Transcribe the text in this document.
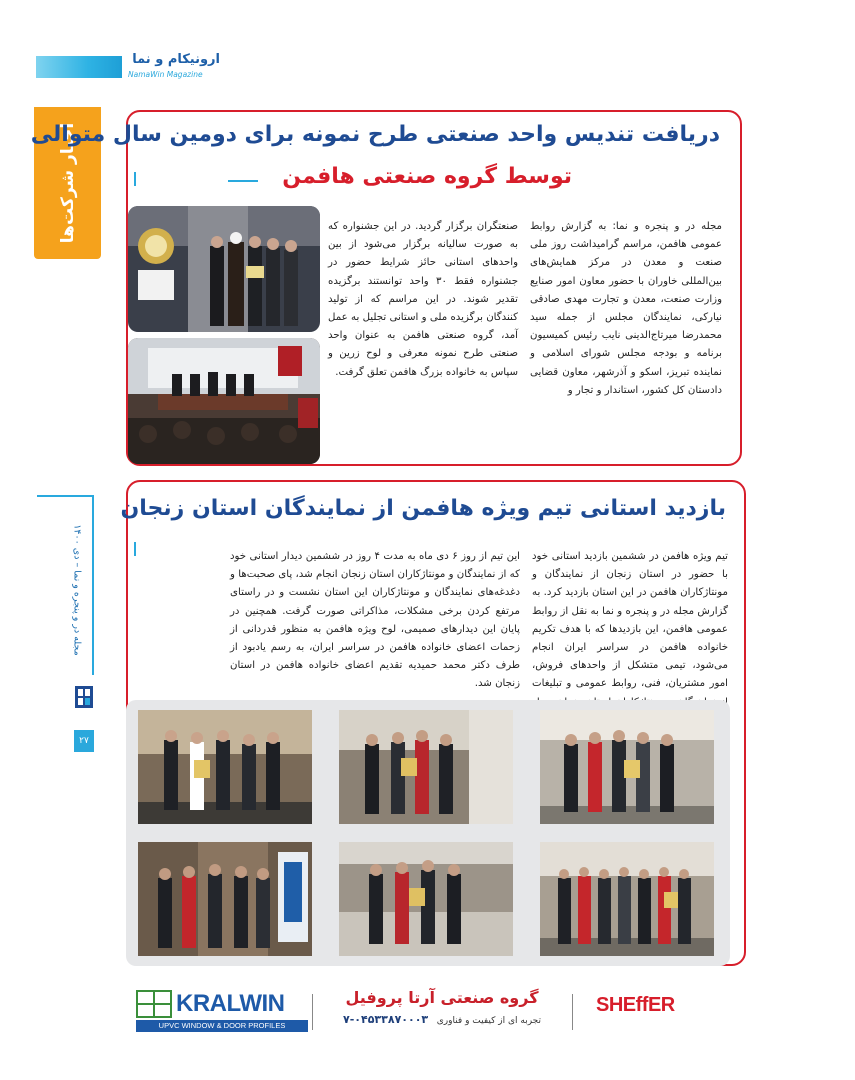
ارونیکام و نما
NamaWin Magazine
اخبار شرکت‌ها
مجله در و پنجره و نما – دی ۱۴۰۰
۲۷
دریافت تندیس واحد صنعتی طرح نمونه برای دومین سال متوالی
توسط گروه صنعتی هافمن
مجله در و پنجره و نما: به گزارش روابط عمومی هافمن، مراسم گرامیداشت روز ملی صنعت و معدن در مرکز همایش‌های بین‌المللی خاوران با حضور معاون امور صنایع وزارت صنعت، معدن و تجارت مهدی صادقی نیارکی، نمایندگان مجلس از جمله سید محمدرضا میرتاج‌الدینی نایب رئیس کمیسیون برنامه و بودجه مجلس شورای اسلامی و نماینده تبریز، اسکو و آذرشهر، معاون قضایی دادستان کل کشور، استاندار و تجار و
صنعتگران برگزار گردید. در این جشنواره که به صورت سالیانه برگزار می‌شود از بین واحدهای استانی حائز شرایط حضور در جشنواره فقط ۳۰ واحد توانستند برگزیده تقدیر شوند. در این مراسم که از تولید کنندگان برگزیده ملی و استانی تجلیل به عمل آمد، گروه صنعتی هافمن به عنوان واحد صنعتی طرح نمونه معرفی و لوح زرین و سپاس به خانواده بزرگ هافمن تعلق گرفت.
بازدید استانی تیم ویژه هافمن از نمایندگان استان زنجان
تیم ویژه هافمن در ششمین بازدید استانی خود با حضور در استان زنجان از نمایندگان و مونتاژکاران هافمن در این استان بازدید کرد. به گزارش مجله در و پنجره و نما به نقل از روابط عمومی هافمن، این بازدیدها که با هدف تکریم خانواده هافمن در سراسر ایران انجام می‌شود، تیمی متشکل از واحدهای فروش، امور مشتریان، فنی، روابط عمومی و تبلیغات
این تیم از روز ۶ دی ماه به مدت ۴ روز در ششمین دیدار استانی خود که از نمایندگان و مونتاژکاران استان زنجان انجام شد، پای صحبت‌ها و دغدغه‌های نمایندگان و مونتاژکاران این استان نشست و در راستای مرتفع کردن برخی مشکلات، مذاکراتی صورت گرفت. همچنین در پایان این دیدارهای صمیمی، لوح ویژه هافمن به منظور قدردانی از زحمات اعضای خانواده هافمن در سراسر ایران، به رسم یادبود از طرف دکتر محمد حمیدیه تقدیم اعضای خانواده هافمن در استان زنجان شد.
KRALWIN
UPVC WINDOW & DOOR PROFILES
گروه صنعتی آرتا پروفیل
تجربه ای از کیفیت و فناوری   ۰۴۵۳۳۸۷۰۰۰۳-۷
SHEffER
